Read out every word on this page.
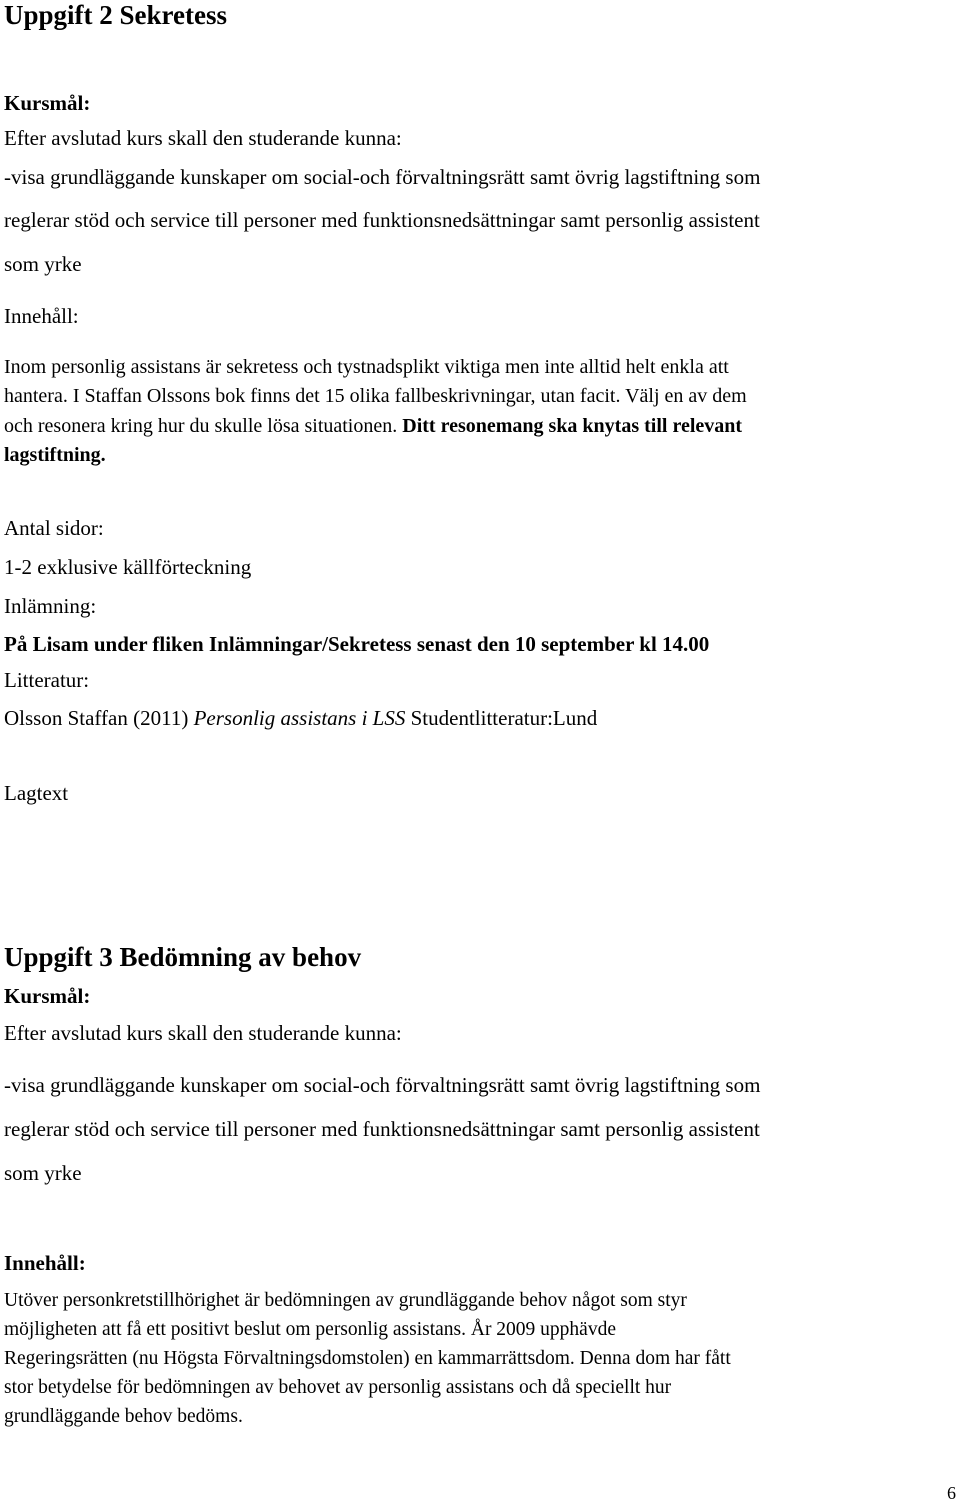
Uppgift 2 Sekretess
Kursmål:
Efter avslutad kurs skall den studerande kunna:
-visa grundläggande kunskaper om social-och förvaltningsrätt samt övrig lagstiftning som
reglerar stöd och service till personer med funktionsnedsättningar samt personlig assistent
som yrke
Innehåll:
Inom personlig assistans är sekretess och tystnadsplikt viktiga men inte alltid helt enkla att
hantera. I Staffan Olssons bok finns det 15 olika fallbeskrivningar, utan facit. Välj en av dem
och resonera kring hur du skulle lösa situationen. Ditt resonemang ska knytas till relevant
lagstiftning.
Antal sidor:
1-2 exklusive källförteckning
Inlämning:
På Lisam under fliken Inlämningar/Sekretess senast den 10 september kl 14.00
Litteratur:
Olsson Staffan (2011) Personlig assistans i LSS Studentlitteratur:Lund
Lagtext
Uppgift 3 Bedömning av behov
Kursmål:
Efter avslutad kurs skall den studerande kunna:
-visa grundläggande kunskaper om social-och förvaltningsrätt samt övrig lagstiftning som
reglerar stöd och service till personer med funktionsnedsättningar samt personlig assistent
som yrke
Innehåll:
Utöver personkretstillhörighet är bedömningen av grundläggande behov något som styr
möjligheten att få ett positivt beslut om personlig assistans. År 2009 upphävde
Regeringsrätten (nu Högsta Förvaltningsdomstolen) en kammarrättsdom. Denna dom har fått
stor betydelse för bedömningen av behovet av personlig assistans och då speciellt hur
grundläggande behov bedöms.
6
